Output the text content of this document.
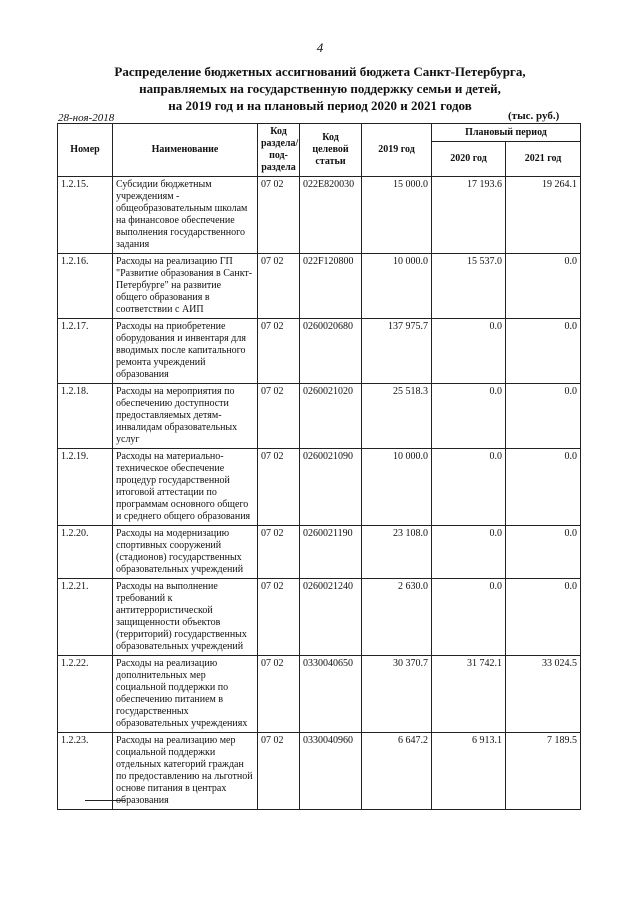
4
Распределение бюджетных ассигнований бюджета Санкт-Петербурга,
направляемых на государственную поддержку семьи и детей,
на 2019 год и на плановый период 2020 и 2021 годов
28-ноя-2018	(тыс. руб.)
Номер	Наименование	Код раздела/ под- раздела	Код целевой статьи	2019 год	Плановый период	
					2020 год	2021 год
1.2.15.	Субсидии бюджетным учреждениям - общеобразовательным школам на финансовое обеспечение выполнения государственного задания	07 02	022E820030	15 000.0	17 193.6	19 264.1
1.2.16.	Расходы на реализацию ГП "Развитие образования в Санкт-Петербурге" на развитие общего образования в соответствии с АИП	07 02	022F120800	10 000.0	15 537.0	0.0
1.2.17.	Расходы на приобретение оборудования и инвентаря для вводимых после капитального ремонта учреждений образования	07 02	0260020680	137 975.7	0.0	0.0
1.2.18.	Расходы на мероприятия по обеспечению доступности предоставляемых детям-инвалидам образовательных услуг	07 02	0260021020	25 518.3	0.0	0.0
1.2.19.	Расходы на материально-техническое обеспечение процедур государственной итоговой аттестации по программам основного общего и среднего общего образования	07 02	0260021090	10 000.0	0.0	0.0
1.2.20.	Расходы на модернизацию спортивных сооружений (стадионов) государственных образовательных учреждений	07 02	0260021190	23 108.0	0.0	0.0
1.2.21.	Расходы на выполнение требований к антитеррористической защищенности объектов (территорий) государственных образовательных учреждений	07 02	0260021240	2 630.0	0.0	0.0
1.2.22.	Расходы на реализацию дополнительных мер социальной поддержки по обеспечению питанием в государственных образовательных учреждениях	07 02	0330040650	30 370.7	31 742.1	33 024.5
1.2.23.	Расходы на реализацию мер социальной поддержки отдельных категорий граждан по предоставлению на льготной основе питания в центрах образования	07 02	0330040960	6 647.2	6 913.1	7 189.5
